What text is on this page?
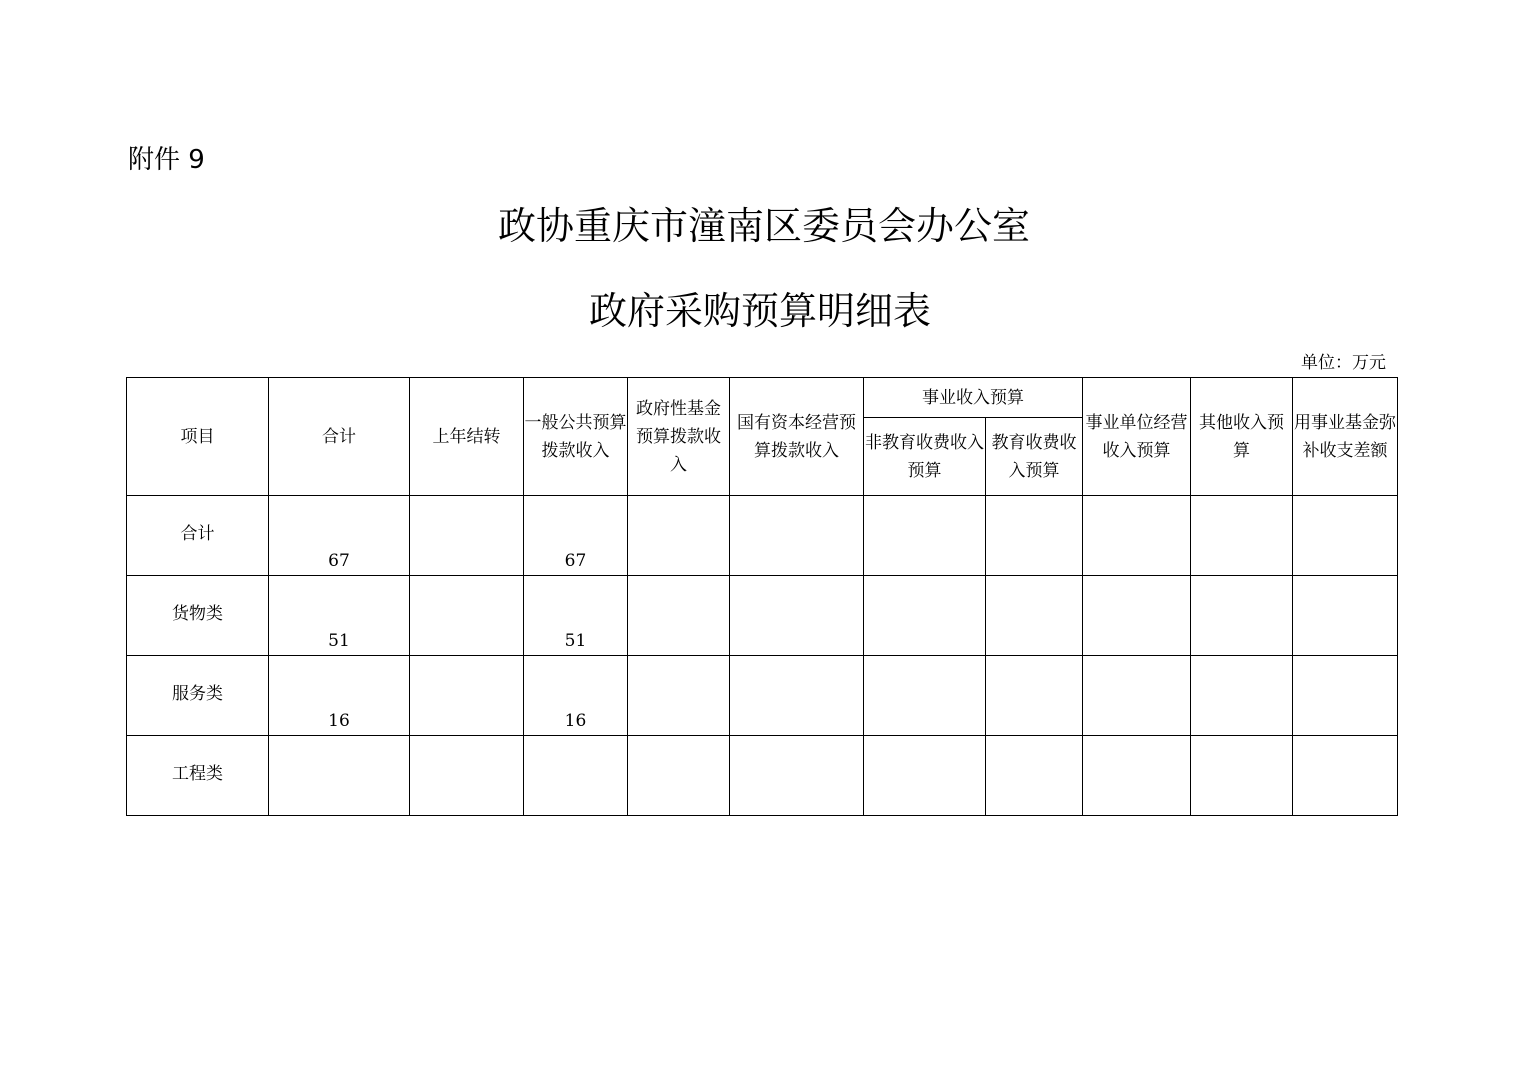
附件 9
政协重庆市潼南区委员会办公室
政府采购预算明细表
单位：万元
项目	合计	上年结转	一般公共预算拨款收入	政府性基金预算拨款收入	国有资本经营预算拨款收入	事业收入预算		事业单位经营收入预算	其他收入预算	用事业基金弥补收支差额
						非教育收费收入预算	教育收费收入预算			

合计	67		67							

货物类	51		51							

服务类	16		16							

工程类										
